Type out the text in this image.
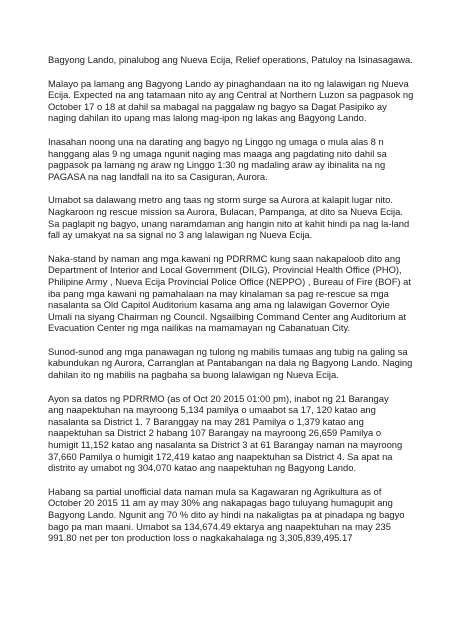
Bagyong Lando, pinalubog ang Nueva Ecija, Relief operations, Patuloy na Isinasagawa.

Malayo pa lamang ang Bagyong Lando ay pinaghandaan na ito ng lalawigan ng Nueva
Ecija. Expected na ang tatamaan nito ay ang Central at Northern Luzon sa pagpasok ng
October 17 o 18 at dahil sa mabagal na paggalaw ng bagyo sa Dagat Pasipiko ay
naging dahilan ito upang mas lalong mag-ipon ng lakas ang Bagyong Lando.

Inasahan noong una na darating ang bagyo ng Linggo ng umaga o mula alas 8 n
hanggang alas 9 ng umaga ngunit naging mas maaga ang pagdating nito dahil sa
pagpasok pa lamang ng araw ng Linggo 1:30 ng madaling araw ay ibinalita na ng
PAGASA na nag landfall na ito sa Casiguran, Aurora.

Umabot sa dalawang metro ang taas ng storm surge sa Aurora at kalapit lugar nito.
Nagkaroon ng rescue mission sa Aurora, Bulacan, Pampanga, at dito sa Nueva Ecija.
Sa paglapit ng bagyo, unang naramdaman ang hangin nito at kahit hindi pa nag la-land
fall ay umakyat na sa signal no 3 ang lalawigan ng Nueva Ecija.

Naka-stand by naman ang mga kawani ng PDRRMC kung saan nakapaloob dito ang
Department of Interior and Local Government (DILG), Provincial Health Office (PHO),
Philipine Army , Nueva Ecija Provincial Police Office (NEPPO) , Bureau of Fire (BOF) at
iba pang mga kawani ng pamahalaan na may kinalaman sa pag re-rescue sa mga
nasalanta sa Old Capitol Auditorium kasama ang ama ng lalawigan Governor Oyie
Umali na siyang Chairman ng Council. Ngsailbing Command Center ang Auditorium at
Evacuation Center ng mga nailikas na mamamayan ng Cabanatuan City.

Sunod-sunod ang mga panawagan ng tulong ng mabilis tumaas ang tubig na galing sa
kabundukan ng Aurora, Carranglan at Pantabangan na dala ng Bagyong Lando. Naging
dahilan ito ng mabilis na pagbaha sa buong lalawigan ng Nueva Ecija.

Ayon sa datos ng PDRRMO (as of Oct 20 2015 01:00 pm), inabot ng 21 Barangay
ang naapektuhan na mayroong 5,134 pamilya o umaabot sa 17, 120 katao ang
nasalanta sa District 1. 7 Baranggay na may 281 Pamilya o 1,379 katao ang
naapektuhan sa District 2 habang 107 Barangay na mayroong 26,659 Pamilya o
humigit 11,152 katao ang nasalanta sa District 3 at 61 Barangay naman na mayroong
37,660 Pamilya o humigit 172,419 katao ang naapektuhan sa District 4. Sa apat na
distrito ay umabot ng 304,070 katao ang naapektuhan ng Bagyong Lando.

Habang sa partial unofficial data naman mula sa Kagawaran ng Agrikultura as of
October 20 2015 11 am ay may 30% ang nakapagas bago tuluyang humagupit ang
Bagyong Lando. Ngunit ang 70 % dito ay hindi na nakaligtas pa at pinadapa ng bagyo
bago pa man maani. Umabot sa 134,674.49 ektarya ang naapektuhan na may 235
991.80 net per ton production loss o nagkakahalaga ng 3,305,839,495.17
